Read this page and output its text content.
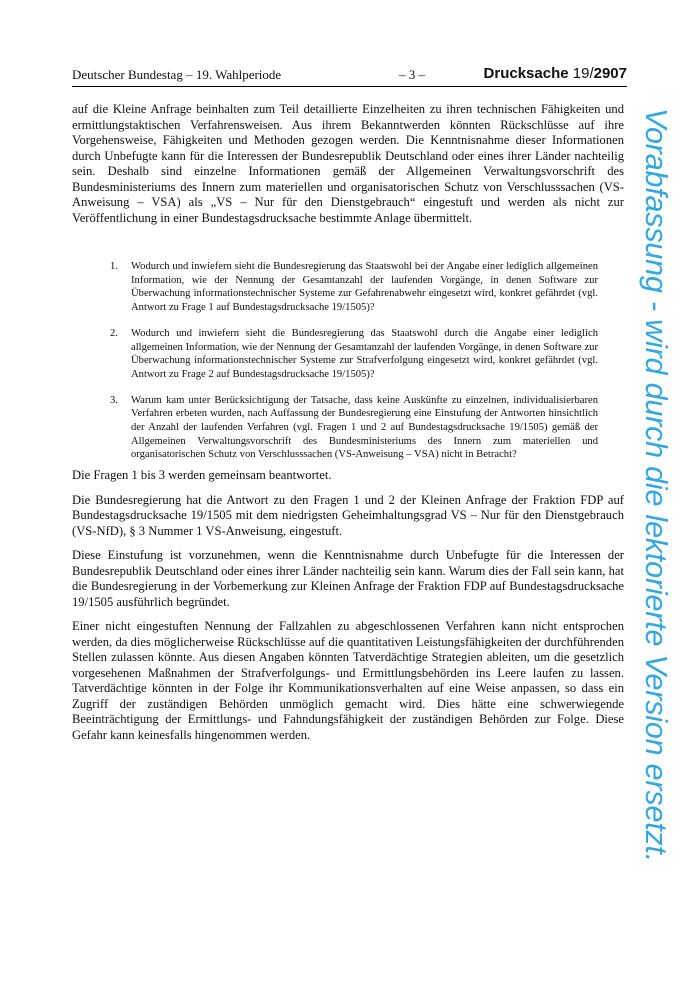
Deutscher Bundestag – 19. Wahlperiode	– 3 –	Drucksache 19/2907

auf die Kleine Anfrage beinhalten zum Teil detaillierte Einzelheiten zu ihren technischen Fähigkeiten und ermittlungstaktischen Verfahrensweisen. Aus ihrem Bekanntwerden könnten Rückschlüsse auf ihre Vorgehensweise, Fähigkeiten und Methoden gezogen werden. Die Kenntnisnahme dieser Informationen durch Unbefugte kann für die Interessen der Bundesrepublik Deutschland oder eines ihrer Länder nachteilig sein. Deshalb sind einzelne Informationen gemäß der Allgemeinen Verwaltungsvorschrift des Bundesministeriums des Innern zum materiellen und organisatorischen Schutz von Verschlusssachen (VS-Anweisung – VSA) als „VS – Nur für den Dienstgebrauch“ eingestuft und werden als nicht zur Veröffentlichung in einer Bundestagsdrucksache bestimmte Anlage übermittelt.

1. Wodurch und inwiefern sieht die Bundesregierung das Staatswohl bei der Angabe einer lediglich allgemeinen Information, wie der Nennung der Gesamtanzahl der laufenden Vorgänge, in denen Software zur Überwachung informationstechnischer Systeme zur Gefahrenabwehr eingesetzt wird, konkret gefährdet (vgl. Antwort zu Frage 1 auf Bundestagsdrucksache 19/1505)?
2. Wodurch und inwiefern sieht die Bundesregierung das Staatswohl durch die Angabe einer lediglich allgemeinen Information, wie der Nennung der Gesamtanzahl der laufenden Vorgänge, in denen Software zur Überwachung informationstechnischer Systeme zur Strafverfolgung eingesetzt wird, konkret gefährdet (vgl. Antwort zu Frage 2 auf Bundestagsdrucksache 19/1505)?
3. Warum kam unter Berücksichtigung der Tatsache, dass keine Auskünfte zu einzelnen, individualisierbaren Verfahren erbeten wurden, nach Auffassung der Bundesregierung eine Einstufung der Antworten hinsichtlich der Anzahl der laufenden Verfahren (vgl. Fragen 1 und 2 auf Bundestagsdrucksache 19/1505) gemäß der Allgemeinen Verwaltungsvorschrift des Bundesministeriums des Innern zum materiellen und organisatorischen Schutz von Verschlusssachen (VS-Anweisung – VSA) nicht in Betracht?

Die Fragen 1 bis 3 werden gemeinsam beantwortet.

Die Bundesregierung hat die Antwort zu den Fragen 1 und 2 der Kleinen Anfrage der Fraktion FDP auf Bundestagsdrucksache 19/1505 mit dem niedrigsten Geheimhaltungsgrad VS – Nur für den Dienstgebrauch (VS-NfD), § 3 Nummer 1 VS-Anweisung, eingestuft.

Diese Einstufung ist vorzunehmen, wenn die Kenntnisnahme durch Unbefugte für die Interessen der Bundesrepublik Deutschland oder eines ihrer Länder nachteilig sein kann. Warum dies der Fall sein kann, hat die Bundesregierung in der Vorbemerkung zur Kleinen Anfrage der Fraktion FDP auf Bundestagsdrucksache 19/1505 ausführlich begründet.

Einer nicht eingestuften Nennung der Fallzahlen zu abgeschlossenen Verfahren kann nicht entsprochen werden, da dies möglicherweise Rückschlüsse auf die quantitativen Leistungsfähigkeiten der durchführenden Stellen zulassen könnte. Aus diesen Angaben könnten Tatverdächtige Strategien ableiten, um die gesetzlich vorgesehenen Maßnahmen der Strafverfolgungs- und Ermittlungsbehörden ins Leere laufen zu lassen. Tatverdächtige könnten in der Folge ihr Kommunikationsverhalten auf eine Weise anpassen, so dass ein Zugriff der zuständigen Behörden unmöglich gemacht wird. Dies hätte eine schwerwiegende Beeinträchtigung der Ermittlungs- und Fahndungsfähigkeit der zuständigen Behörden zur Folge. Diese Gefahr kann keinesfalls hingenommen werden.	Vorabfassung - wird durch die lektorierte Version ersetzt.
